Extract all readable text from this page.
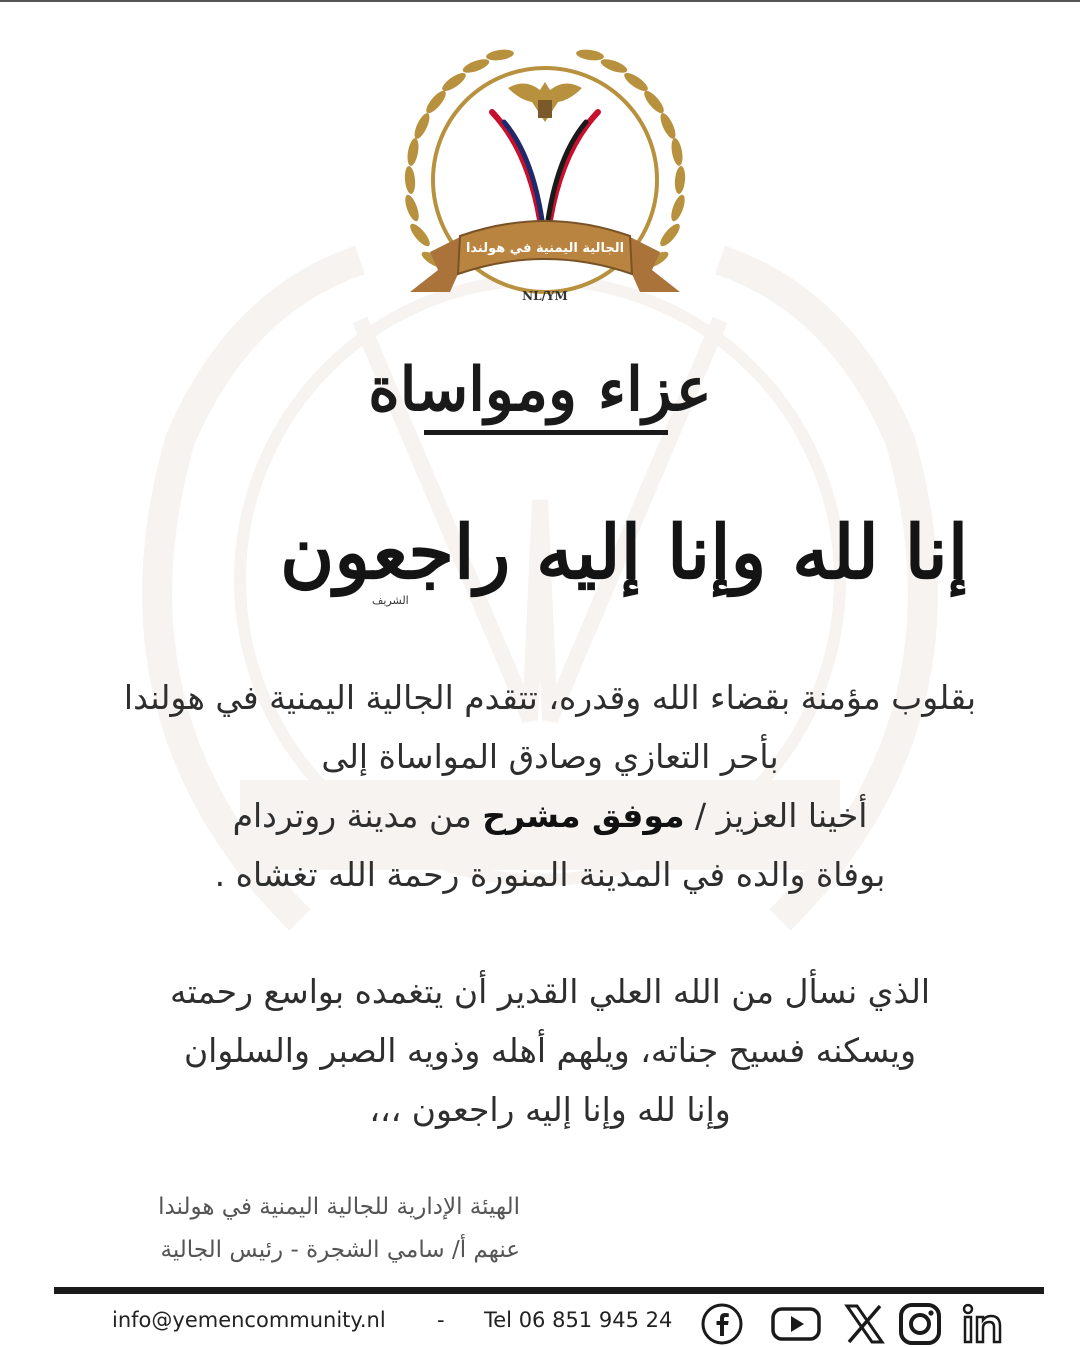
الجالية اليمنية في هولندا
NL/YM
عزاء ومواساة
إنا لله وإنا إليه راجعون
الشريف

بقلوب مؤمنة بقضاء الله وقدره، تتقدم الجالية اليمنية في هولندا

بأحر التعازي وصادق المواساة إلى

أخينا العزيز / موفق مشرح من مدينة روتردام

بوفاة والده في المدينة المنورة رحمة الله تغشاه .

الذي نسأل من الله العلي القدير أن يتغمده بواسع رحمته

ويسكنه فسيح جناته، ويلهم أهله وذويه الصبر والسلوان

وإنا لله وإنا إليه راجعون ،،،

الهيئة الإدارية للجالية اليمنية في هولندا

عنهم أ/ سامي الشجرة - رئيس الجالية

info@yemencommunity.nl - Tel 06 851 945 24
